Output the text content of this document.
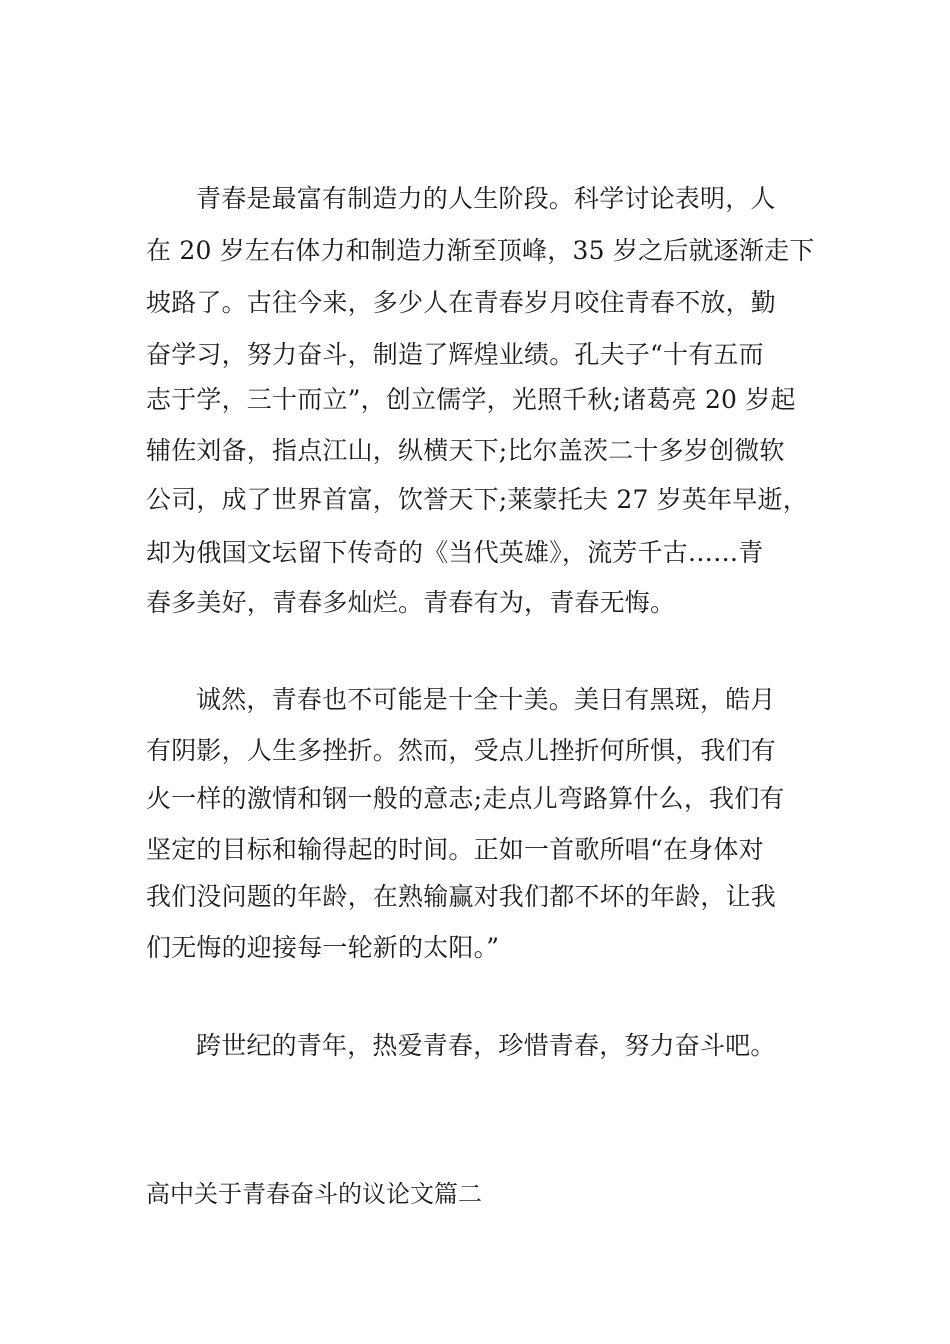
青春是最富有制造力的人生阶段。科学讨论表明，人
在 20 岁左右体力和制造力渐至顶峰，35 岁之后就逐渐走下
坡路了。古往今来，多少人在青春岁月咬住青春不放，勤
奋学习，努力奋斗，制造了辉煌业绩。孔夫子“十有五而
志于学，三十而立”，创立儒学，光照千秋;诸葛亮 20 岁起
辅佐刘备，指点江山，纵横天下;比尔盖茨二十多岁创微软
公司，成了世界首富，饮誉天下;莱蒙托夫 27 岁英年早逝，
却为俄国文坛留下传奇的《当代英雄》，流芳千古……青
春多美好，青春多灿烂。青春有为，青春无悔。
诚然，青春也不可能是十全十美。美日有黑斑，皓月
有阴影，人生多挫折。然而，受点儿挫折何所惧，我们有
火一样的激情和钢一般的意志;走点儿弯路算什么，我们有
坚定的目标和输得起的时间。正如一首歌所唱“在身体对
我们没问题的年龄，在熟输赢对我们都不坏的年龄，让我
们无悔的迎接每一轮新的太阳。”
跨世纪的青年，热爱青春，珍惜青春，努力奋斗吧。
高中关于青春奋斗的议论文篇二
